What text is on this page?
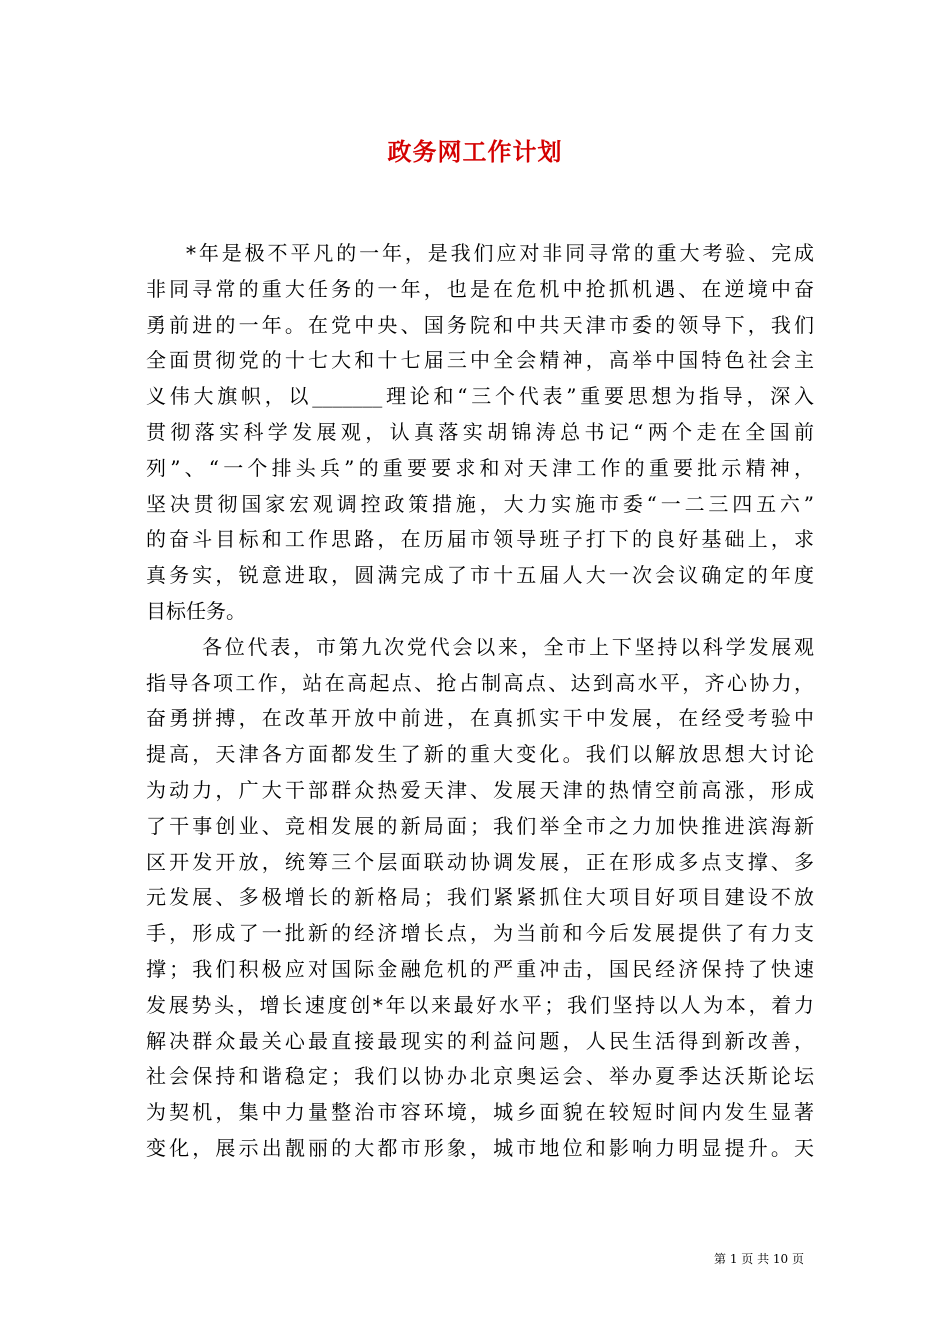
政务网工作计划

*年是极不平凡的一年，是我们应对非同寻常的重大考验、完成
非同寻常的重大任务的一年，也是在危机中抢抓机遇、在逆境中奋
勇前进的一年。在党中央、国务院和中共天津市委的领导下，我们
全面贯彻党的十七大和十七届三中全会精神，高举中国特色社会主
义伟大旗帜，以_______理论和“三个代表”重要思想为指导，深入
贯彻落实科学发展观，认真落实胡锦涛总书记“两个走在全国前
列”、“一个排头兵”的重要要求和对天津工作的重要批示精神，
坚决贯彻国家宏观调控政策措施，大力实施市委“一二三四五六”
的奋斗目标和工作思路，在历届市领导班子打下的良好基础上，求
真务实，锐意进取，圆满完成了市十五届人大一次会议确定的年度
目标任务。

各位代表，市第九次党代会以来，全市上下坚持以科学发展观
指导各项工作，站在高起点、抢占制高点、达到高水平，齐心协力，
奋勇拼搏，在改革开放中前进，在真抓实干中发展，在经受考验中
提高，天津各方面都发生了新的重大变化。我们以解放思想大讨论
为动力，广大干部群众热爱天津、发展天津的热情空前高涨，形成
了干事创业、竞相发展的新局面；我们举全市之力加快推进滨海新
区开发开放，统筹三个层面联动协调发展，正在形成多点支撑、多
元发展、多极增长的新格局；我们紧紧抓住大项目好项目建设不放
手，形成了一批新的经济增长点，为当前和今后发展提供了有力支
撑；我们积极应对国际金融危机的严重冲击，国民经济保持了快速
发展势头，增长速度创*年以来最好水平；我们坚持以人为本，着力
解决群众最关心最直接最现实的利益问题，人民生活得到新改善，
社会保持和谐稳定；我们以协办北京奥运会、举办夏季达沃斯论坛
为契机，集中力量整治市容环境，城乡面貌在较短时间内发生显著
变化，展示出靓丽的大都市形象，城市地位和影响力明显提升。天

第 1 页 共 10 页
